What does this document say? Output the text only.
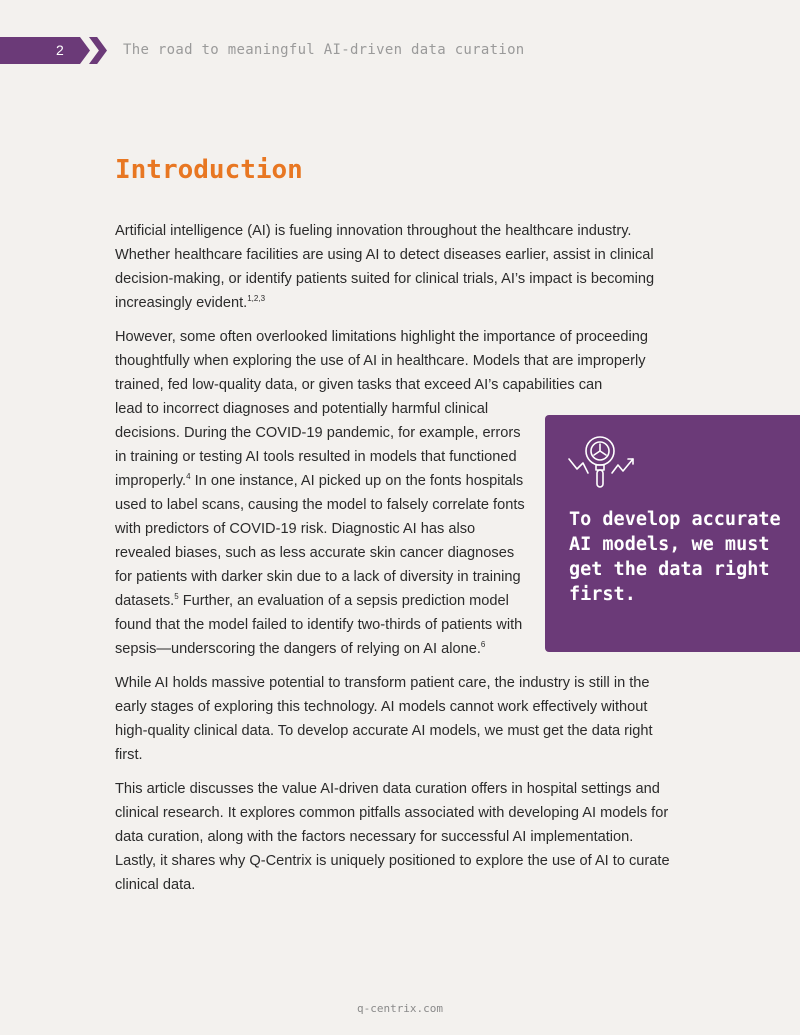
2	The road to meaningful AI-driven data curation
Introduction

Artificial intelligence (AI) is fueling innovation throughout the healthcare industry. Whether healthcare facilities are using AI to detect diseases earlier, assist in clinical decision-making, or identify patients suited for clinical trials, AI’s impact is becoming increasingly evident.$^{1,2,3}$

However, some often overlooked limitations highlight the importance of proceeding thoughtfully when exploring the use of AI in healthcare. Models that are improperly trained, fed low-quality data, or given tasks that exceed AI’s capabilities can
lead to incorrect diagnoses and potentially harmful clinical decisions. During the COVID-19 pandemic, for example, errors in training or testing AI tools resulted in models that functioned improperly.$^4$ In one instance, AI picked up on the fonts hospitals used to label scans, causing the model to falsely correlate fonts with predictors of COVID-19 risk. Diagnostic AI has also revealed biases, such as less accurate skin cancer diagnoses for patients with darker skin due to a lack of diversity in training datasets.$^5$ Further, an evaluation of a sepsis prediction model found that the model failed to identify two-thirds of patients with sepsis—underscoring the dangers of relying on AI alone.$^6$

While AI holds massive potential to transform patient care, the industry is still in the early stages of exploring this technology. AI models cannot work effectively without high-quality clinical data. To develop accurate AI models, we must get the data right first.

This article discusses the value AI-driven data curation offers in hospital settings and clinical research. It explores common pitfalls associated with developing AI models for data curation, along with the factors necessary for successful AI implementation. Lastly, it shares why Q-Centrix is uniquely positioned to explore the use of AI to curate clinical data.

To develop accurate AI models, we must get the data right first.
q-centrix.com
